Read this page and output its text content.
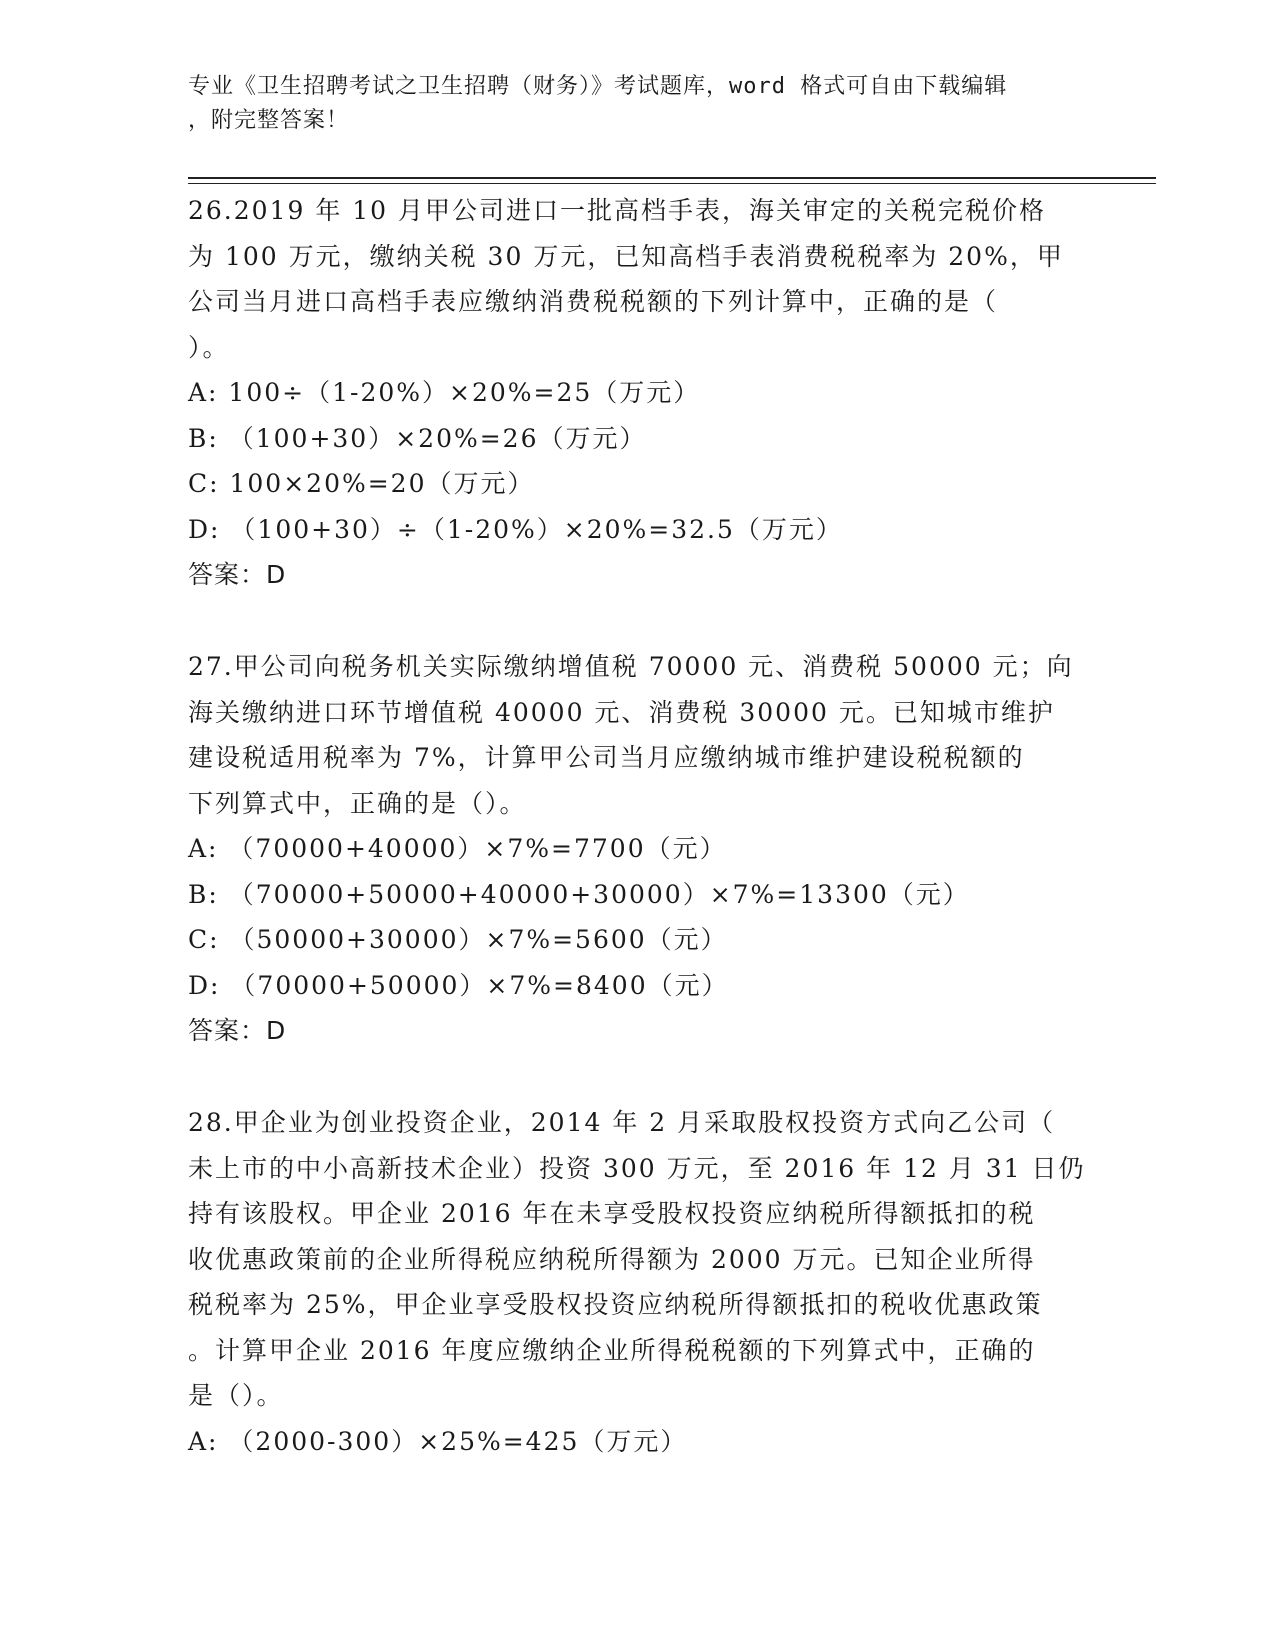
专业《卫生招聘考试之卫生招聘（财务）》考试题库，word 格式可自由下载编辑
，附完整答案！
26.2019 年 10 月甲公司进口一批高档手表，海关审定的关税完税价格
为 100 万元，缴纳关税 30 万元，已知高档手表消费税税率为 20%，甲
公司当月进口高档手表应缴纳消费税税额的下列计算中，正确的是（
）。
A: 100÷（1-20%）×20%=25（万元）
B: （100+30）×20%=26（万元）
C: 100×20%=20（万元）
D: （100+30）÷（1-20%）×20%=32.5（万元）
答案：D
27.甲公司向税务机关实际缴纳增值税 70000 元、消费税 50000 元；向
海关缴纳进口环节增值税 40000 元、消费税 30000 元。已知城市维护
建设税适用税率为 7%，计算甲公司当月应缴纳城市维护建设税税额的
下列算式中，正确的是（）。
A: （70000+40000）×7%=7700（元）
B: （70000+50000+40000+30000）×7%=13300（元）
C: （50000+30000）×7%=5600（元）
D: （70000+50000）×7%=8400（元）
答案：D
28.甲企业为创业投资企业，2014 年 2 月采取股权投资方式向乙公司（
未上市的中小高新技术企业）投资 300 万元，至 2016 年 12 月 31 日仍
持有该股权。甲企业 2016 年在未享受股权投资应纳税所得额抵扣的税
收优惠政策前的企业所得税应纳税所得额为 2000 万元。已知企业所得
税税率为 25%，甲企业享受股权投资应纳税所得额抵扣的税收优惠政策
。计算甲企业 2016 年度应缴纳企业所得税税额的下列算式中，正确的
是（）。
A: （2000-300）×25%=425（万元）
